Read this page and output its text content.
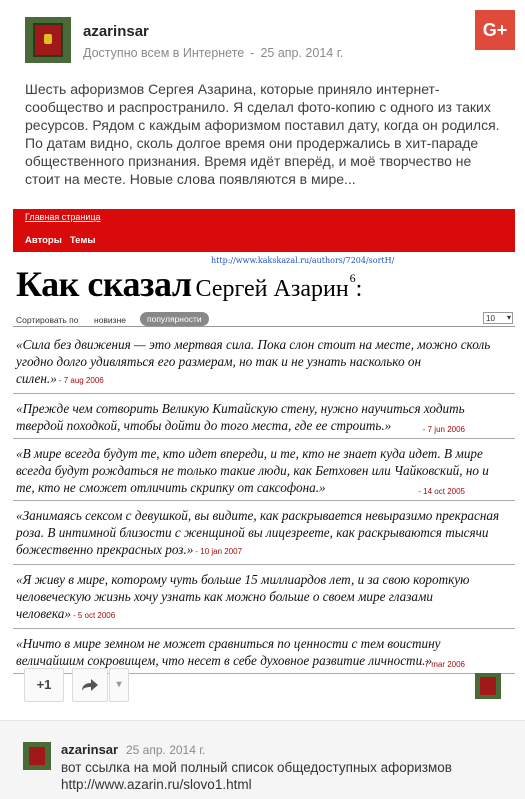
azarinsar
Доступно всем в Интернете - 25 апр. 2014 г.
G+
Шесть афоризмов Сергея Азарина, которые приняло интернет-сообщество и распространило. Я сделал фото-копию с одного из таких ресурсов. Рядом с каждым афоризмом поставил дату, когда он родился. По датам видно, сколь долгое время они продержались в хит-параде общественного признания. Время идёт вперёд, и моё творчество не стоит на месте. Новые слова появляются в мире...
Главная страница
Авторы Темы
http://www.kakskazal.ru/authors/7204/sortH/
Как сказал Сергей Азарин$^6$:
Сортировать по новизне	популярности	10 ▾
«Сила без движения — это мертвая сила. Пока слон стоит на месте, можно сколь угодно долго удивляться его размерам, но так и не узнать насколько он силен.» - 7 aug 2006
«Прежде чем сотворить Великую Китайскую стену, нужно научиться ходить твердой походкой, чтобы дойти до того места, где ее строить.»	- 7 jun 2006
«В мире всегда будут те, кто идет впереди, и те, кто не знает куда идет. В мире всегда будут рождаться не только такие люди, как Бетховен или Чайковский, но и те, кто не сможет отличить скрипку от саксофона.»	- 14 oct 2005
«Занимаясь сексом с девушкой, вы видите, как раскрывается невыразимо прекрасная роза. В интимной близости с женщиной вы лицезреете, как раскрываются тысячи божественно прекрасных роз.» - 10 jan 2007
«Я живу в мире, которому чуть больше 15 миллиардов лет, и за свою короткую человеческую жизнь хочу узнать как можно больше о своем мире глазами человека» - 5 oct 2006
«Ничто в мире земном не может сравниться по ценности с тем воистину величайшим сокровищем, что несет в себе духовное развитие личности.»
- 7 mar 2006
+1	▾
azarinsar 25 апр. 2014 г.
вот ссылка на мой полный список общедоступных афоризмов
http://www.azarin.ru/slovo1.html
